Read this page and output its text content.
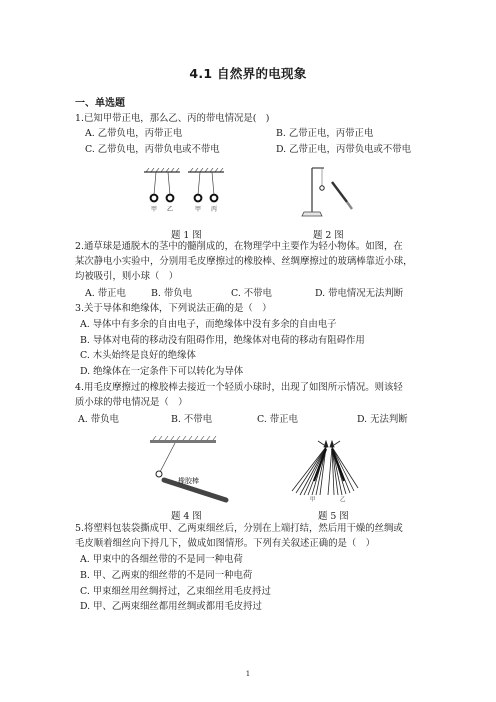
4.1 自然界的电现象
一、单选题
1.已知甲带正电，那么乙、丙的带电情况是(　)
A. 乙带负电，丙带正电	B. 乙带正电，丙带正电
C. 乙带负电，丙带负电或不带电	D. 乙带正电，丙带负电或不带电
甲 乙	甲 丙
题 1 图	题 2 图
2.通草球是通脱木的茎中的髓削成的，在物理学中主要作为轻小物体。如图，在
某次静电小实验中，分别用毛皮摩擦过的橡胶棒、丝绸摩擦过的玻璃棒靠近小球，
均被吸引，则小球（　）
A. 带正电	B. 带负电	C. 不带电	D. 带电情况无法判断
3.关于导体和绝缘体，下列说法正确的是（　）
A. 导体中有多余的自由电子，而绝缘体中没有多余的自由电子
B. 导体对电荷的移动没有阻碍作用，绝缘体对电荷的移动有阻碍作用
C. 木头始终是良好的绝缘体
D. 绝缘体在一定条件下可以转化为导体
4.用毛皮摩擦过的橡胶棒去接近一个轻质小球时，出现了如图所示情况。则该轻
质小球的带电情况是（　）
A. 带负电	B. 不带电	C. 带正电	D. 无法判断
橡胶棒
甲	乙
题 4 图	题 5 图
5.将塑料包装袋撕成甲、乙两束细丝后，分别在上端打结，然后用干燥的丝绸或
毛皮顺着细丝向下捋几下，做成如图情形。下列有关叙述正确的是（　）
A. 甲束中的各细丝带的不是同一种电荷
B. 甲、乙两束的细丝带的不是同一种电荷
C. 甲束细丝用丝绸捋过，乙束细丝用毛皮捋过
D. 甲、乙两束细丝都用丝绸或都用毛皮捋过
1
